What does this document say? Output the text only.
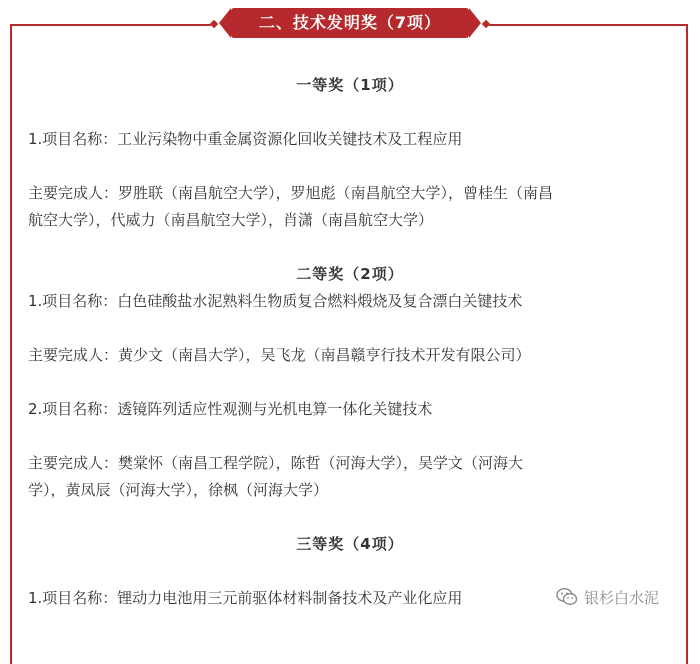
二、技术发明奖（7项）
一等奖（1项）
1.项目名称：工业污染物中重金属资源化回收关键技术及工程应用
主要完成人：罗胜联（南昌航空大学），罗旭彪（南昌航空大学），曾桂生（南昌
航空大学），代威力（南昌航空大学），肖潇（南昌航空大学）
二等奖（2项）
1.项目名称：白色硅酸盐水泥熟料生物质复合燃料煅烧及复合漂白关键技术
主要完成人：黄少文（南昌大学），吴飞龙（南昌赣亨行技术开发有限公司）
2.项目名称：透镜阵列适应性观测与光机电算一体化关键技术
主要完成人：樊棠怀（南昌工程学院），陈哲（河海大学），吴学文（河海大
学），黄凤辰（河海大学），徐枫（河海大学）
三等奖（4项）
1.项目名称：锂动力电池用三元前驱体材料制备技术及产业化应用	银杉白水泥
